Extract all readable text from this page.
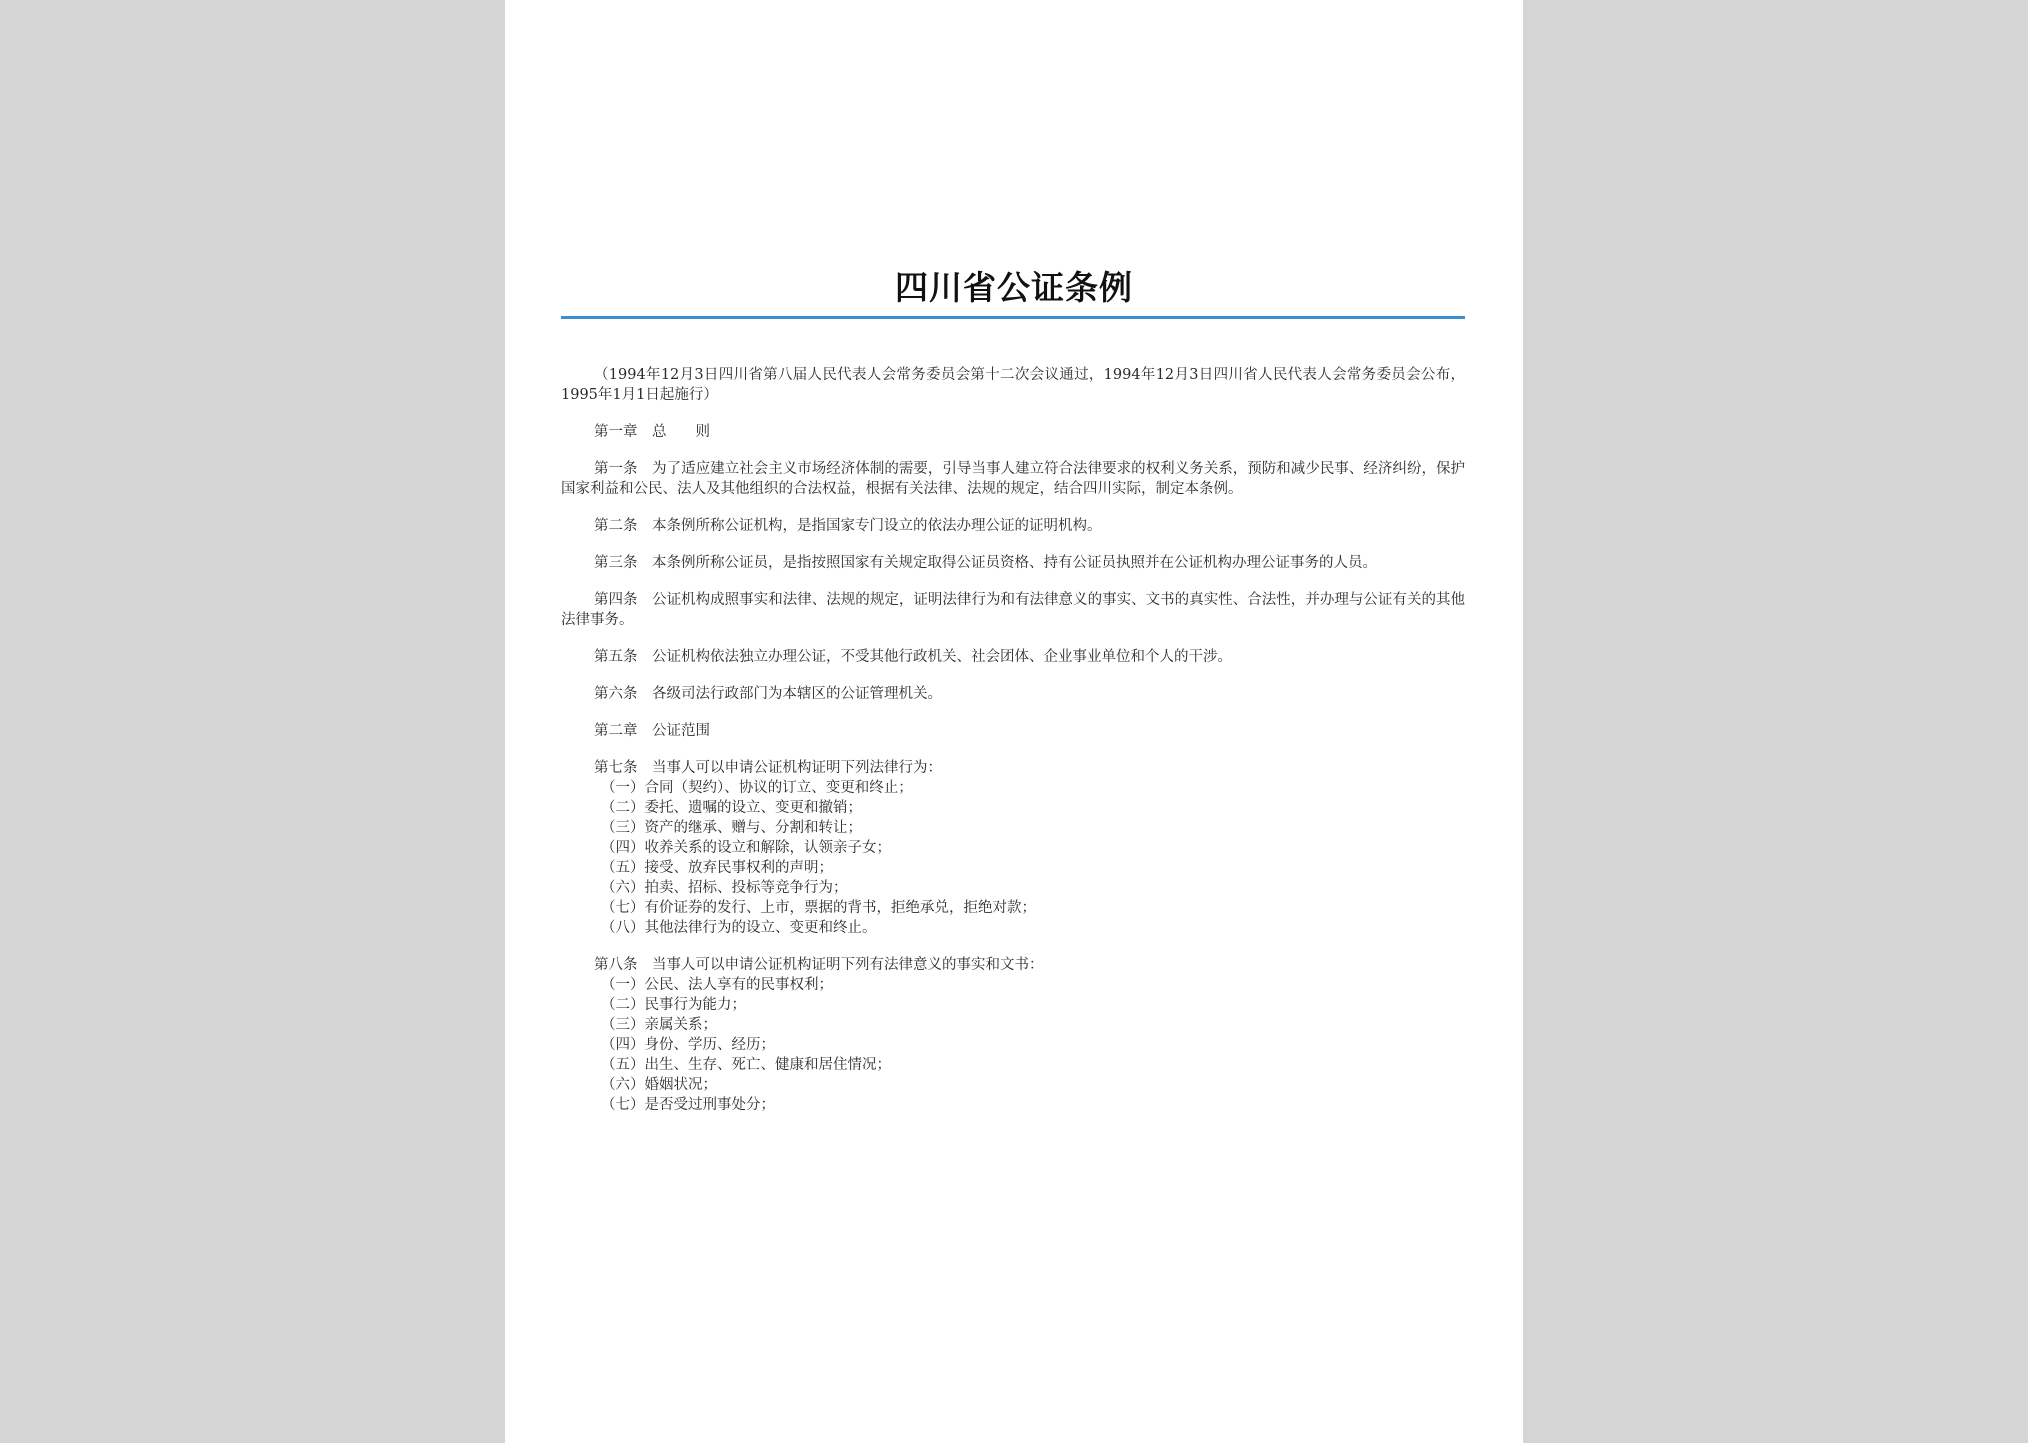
四川省公证条例

（1994年12月3日四川省第八届人民代表人会常务委员会第十二次会议通过，1994年12月3日四川省人民代表人会常务委员会公布，1995年1月1日起施行）

第一章　总　　则

第一条　为了适应建立社会主义市场经济体制的需要，引导当事人建立符合法律要求的权利义务关系，预防和减少民事、经济纠纷，保护国家利益和公民、法人及其他组织的合法权益，根据有关法律、法规的规定，结合四川实际，制定本条例。

第二条　本条例所称公证机构，是指国家专门设立的依法办理公证的证明机构。

第三条　本条例所称公证员，是指按照国家有关规定取得公证员资格、持有公证员执照并在公证机构办理公证事务的人员。

第四条　公证机构成照事实和法律、法规的规定，证明法律行为和有法律意义的事实、文书的真实性、合法性，并办理与公证有关的其他法律事务。

第五条　公证机构依法独立办理公证，不受其他行政机关、社会团体、企业事业单位和个人的干涉。

第六条　各级司法行政部门为本辖区的公证管理机关。

第二章　公证范围

第七条　当事人可以申请公证机构证明下列法律行为：

（一）合同（契约）、协议的订立、变更和终止；

（二）委托、遗嘱的设立、变更和撤销；

（三）资产的继承、赠与、分割和转让；

（四）收养关系的设立和解除，认领亲子女；

（五）接受、放弃民事权利的声明；

（六）拍卖、招标、投标等竞争行为；

（七）有价证券的发行、上市，票据的背书，拒绝承兑，拒绝对款；

（八）其他法律行为的设立、变更和终止。

第八条　当事人可以申请公证机构证明下列有法律意义的事实和文书：

（一）公民、法人享有的民事权利；

（二）民事行为能力；

（三）亲属关系；

（四）身份、学历、经历；

（五）出生、生存、死亡、健康和居住情况；

（六）婚姻状况；

（七）是否受过刑事处分；
